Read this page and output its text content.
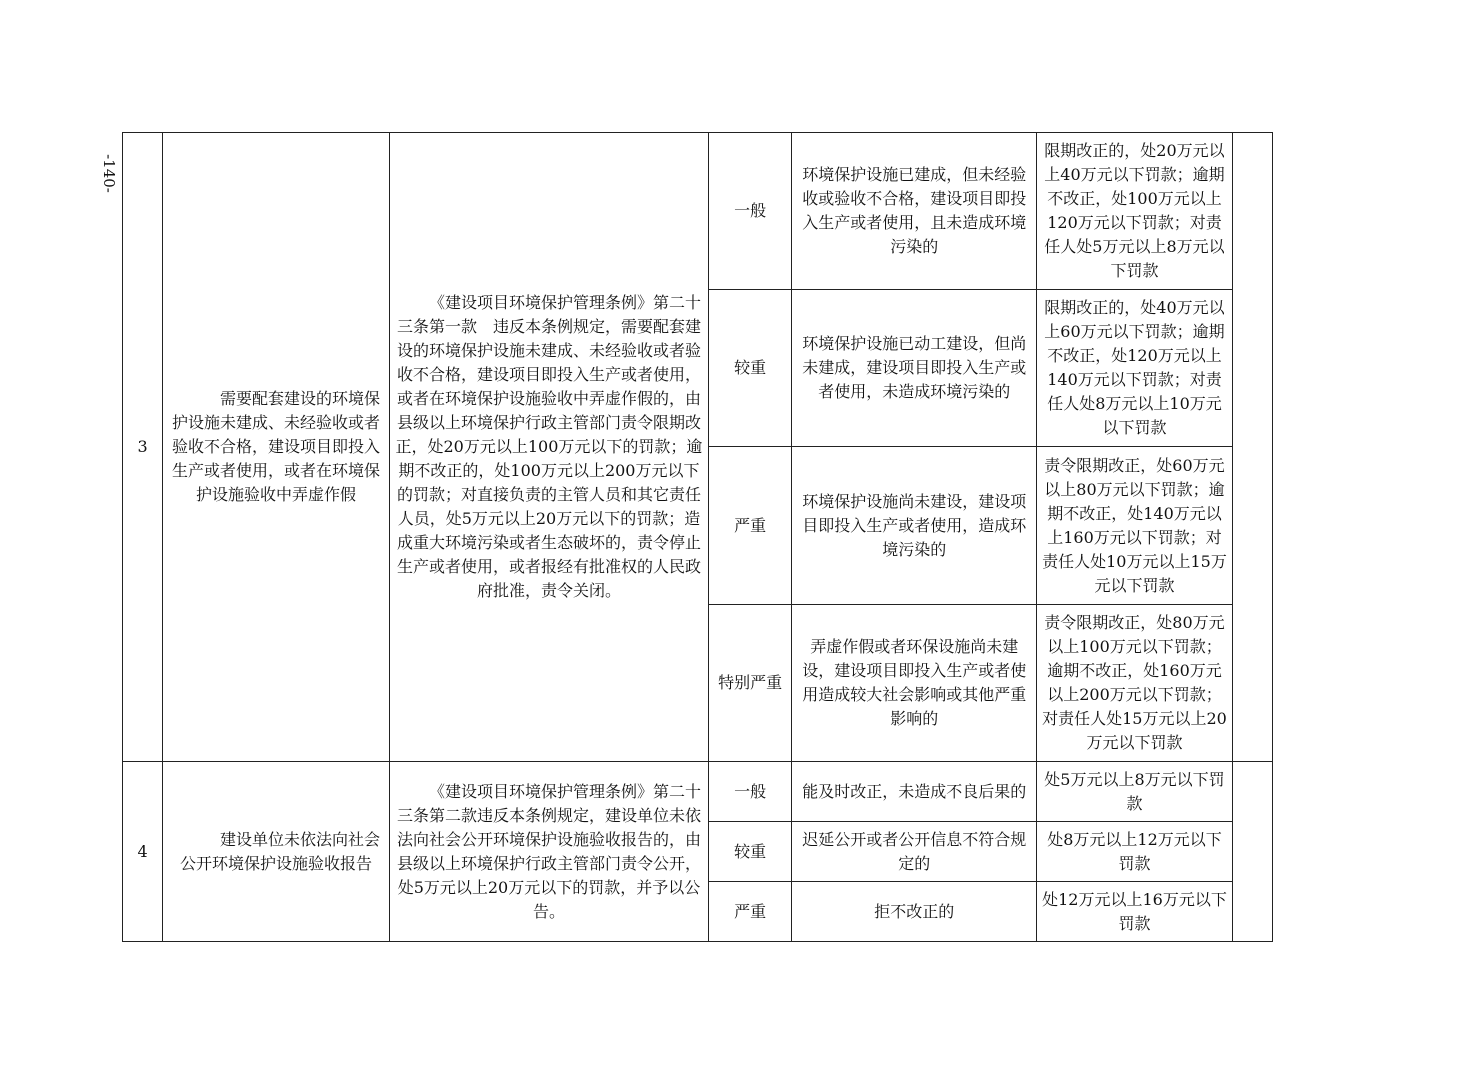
-140-
3	需要配套建设的环境保护设施未建成、未经验收或者验收不合格，建设项目即投入生产或者使用，或者在环境保护设施验收中弄虚作假	《建设项目环境保护管理条例》第二十三条第一款　违反本条例规定，需要配套建设的环境保护设施未建成、未经验收或者验收不合格，建设项目即投入生产或者使用，或者在环境保护设施验收中弄虚作假的，由县级以上环境保护行政主管部门责令限期改正，处20万元以上100万元以下的罚款；逾期不改正的，处100万元以上200万元以下的罚款；对直接负责的主管人员和其它责任人员，处5万元以上20万元以下的罚款；造成重大环境污染或者生态破坏的，责令停止生产或者使用，或者报经有批准权的人民政府批准，责令关闭。	一般	环境保护设施已建成，但未经验收或验收不合格，建设项目即投入生产或者使用，且未造成环境污染的	限期改正的，处20万元以上40万元以下罚款；逾期不改正，处100万元以上120万元以下罚款；对责任人处5万元以上8万元以下罚款	
			较重	环境保护设施已动工建设，但尚未建成，建设项目即投入生产或者使用，未造成环境污染的	限期改正的，处40万元以上60万元以下罚款；逾期不改正，处120万元以上140万元以下罚款；对责任人处8万元以上10万元以下罚款	
			严重	环境保护设施尚未建设，建设项目即投入生产或者使用，造成环境污染的	责令限期改正，处60万元以上80万元以下罚款；逾期不改正，处140万元以上160万元以下罚款；对责任人处10万元以上15万元以下罚款	
			特别严重	弄虚作假或者环保设施尚未建设，建设项目即投入生产或者使用造成较大社会影响或其他严重影响的	责令限期改正，处80万元以上100万元以下罚款；逾期不改正，处160万元以上200万元以下罚款；对责任人处15万元以上20万元以下罚款	
4	建设单位未依法向社会公开环境保护设施验收报告	《建设项目环境保护管理条例》第二十三条第二款违反本条例规定，建设单位未依法向社会公开环境保护设施验收报告的，由县级以上环境保护行政主管部门责令公开，处5万元以上20万元以下的罚款，并予以公告。	一般	能及时改正，未造成不良后果的	处5万元以上8万元以下罚款	
			较重	迟延公开或者公开信息不符合规定的	处8万元以上12万元以下罚款	
			严重	拒不改正的	处12万元以上16万元以下罚款	
